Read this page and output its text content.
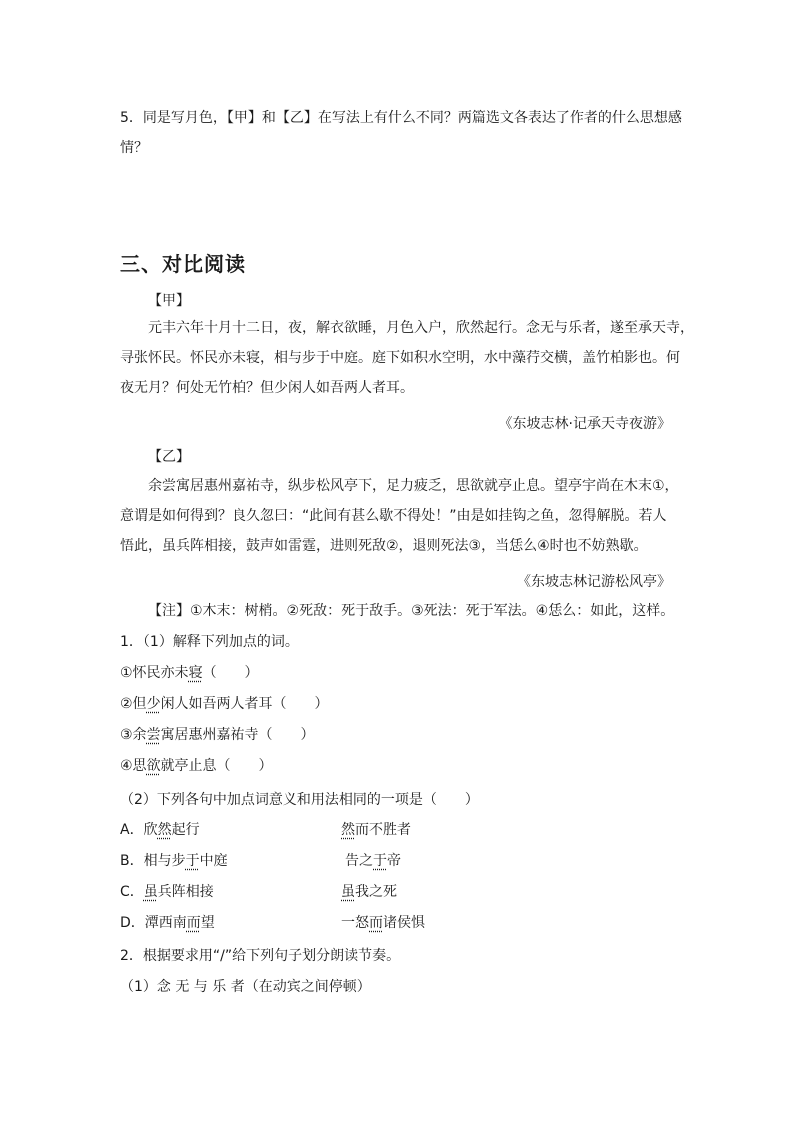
5．同是写月色，【甲】和【乙】在写法上有什么不同？两篇选文各表达了作者的什么思想感
情？
三、对比阅读
【甲】
元丰六年十月十二日，夜，解衣欲睡，月色入户，欣然起行。念无与乐者，遂至承天寺，
寻张怀民。怀民亦未寝，相与步于中庭。庭下如积水空明，水中藻荇交横，盖竹柏影也。何
夜无月？何处无竹柏？但少闲人如吾两人者耳。
《东坡志林·记承天寺夜游》
【乙】
余尝寓居惠州嘉祐寺，纵步松风亭下，足力疲乏，思欲就亭止息。望亭宇尚在木末①，
意谓是如何得到？良久忽曰：“此间有甚么歇不得处！”由是如挂钩之鱼，忽得解脱。若人
悟此，虽兵阵相接，鼓声如雷霆，进则死敌②，退则死法③，当恁么④时也不妨熟歇。
《东坡志林记游松风亭》
【注】①木末：树梢。②死敌：死于敌手。③死法：死于军法。④恁么：如此，这样。
1．（1）解释下列加点的词。
①怀民亦未寝（　　）
②但少闲人如吾两人者耳（　　）
③余尝寓居惠州嘉祐寺（　　）
④思欲就亭止息（　　）
（2）下列各句中加点词意义和用法相同的一项是（　　）
A．欣然起行	然而不胜者
B．相与步于中庭	告之于帝
C．虽兵阵相接	虽我之死
D．潭西南而望	一怒而诸侯惧
2．根据要求用“/”给下列句子划分朗读节奏。
（1）念 无 与 乐 者（在动宾之间停顿）
